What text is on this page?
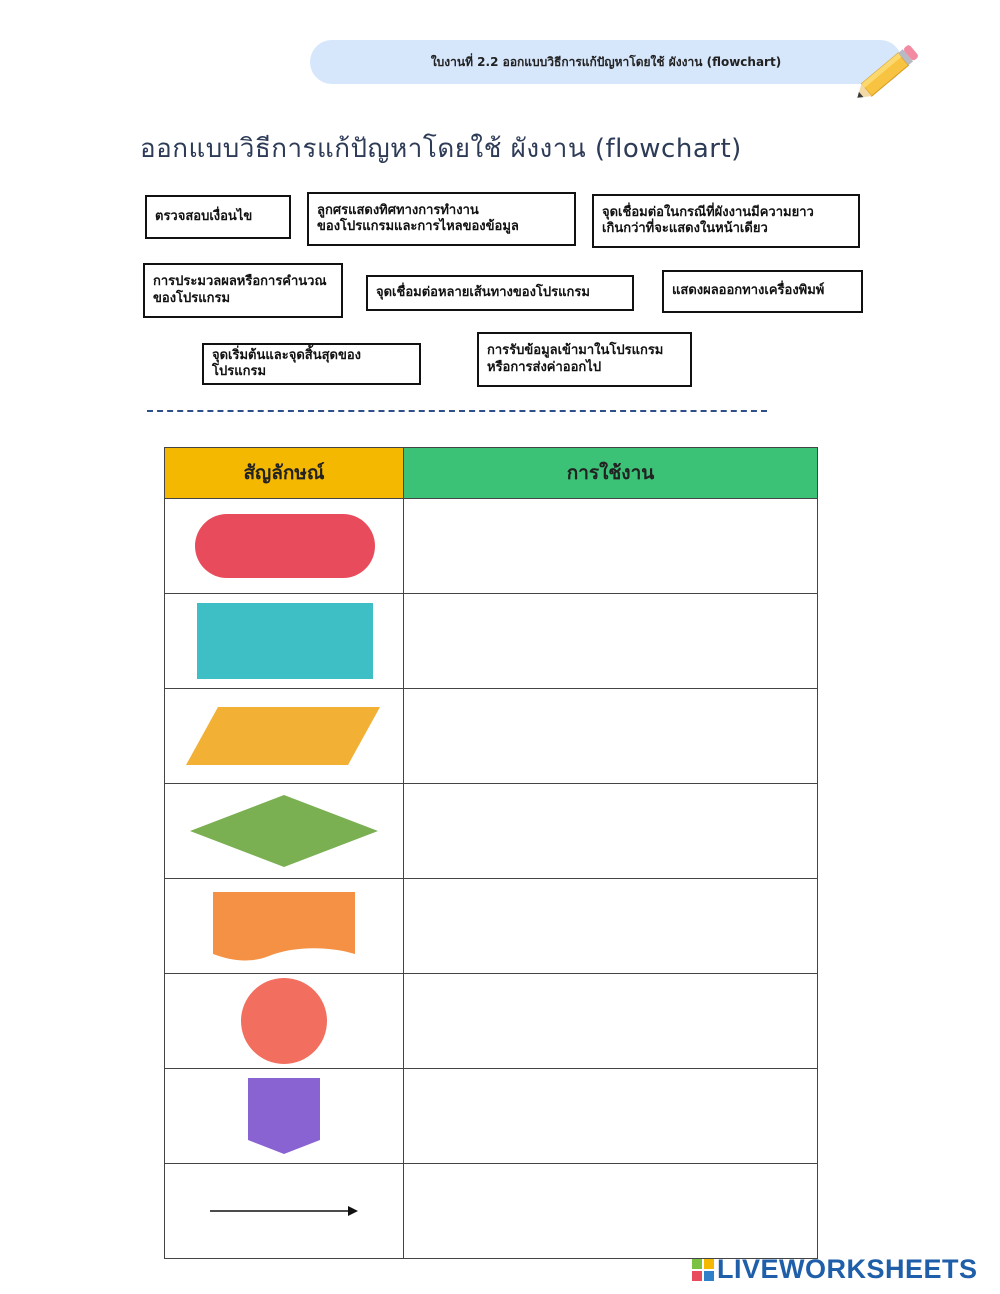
ใบงานที่ 2.2 ออกแบบวิธีการแก้ปัญหาโดยใช้ ผังงาน (flowchart)
ออกแบบวิธีการแก้ปัญหาโดยใช้ ผังงาน (flowchart)
ตรวจสอบเงื่อนไข	ลูกศรแสดงทิศทางการทำงาน
ของโปรแกรมและการไหลของข้อมูล
จุดเชื่อมต่อในกรณีที่ผังงานมีความยาว
เกินกว่าที่จะแสดงในหน้าเดียว
การประมวลผลหรือการคำนวณ
ของโปรแกรม	จุดเชื่อมต่อหลายเส้นทางของโปรแกรม	แสดงผลออกทางเครื่องพิมพ์
จุดเริ่มต้นและจุดสิ้นสุดของโปรแกรม
การรับข้อมูลเข้ามาในโปรแกรม
หรือการส่งค่าออกไป
สัญลักษณ์	การใช้งาน

LIVEWORKSHEETS
